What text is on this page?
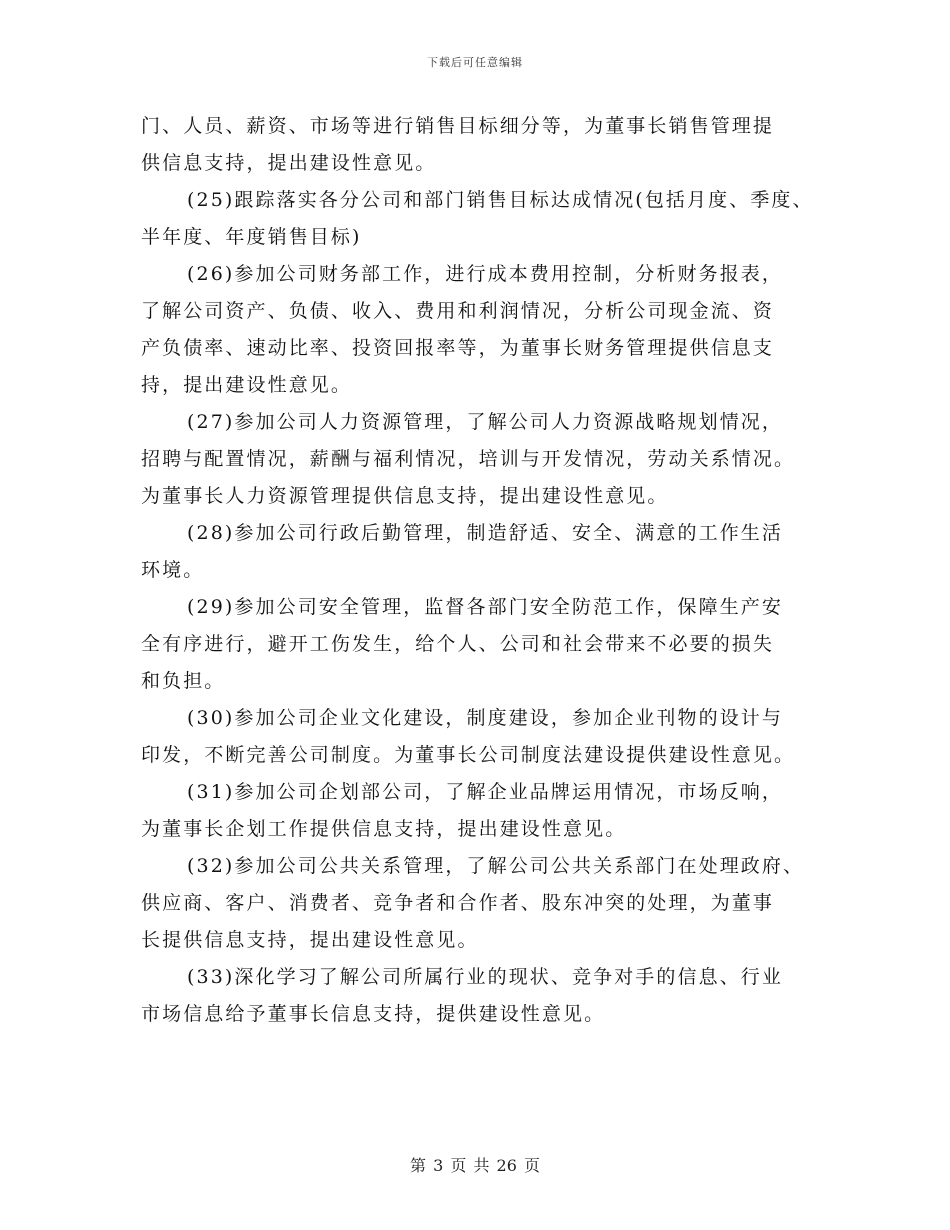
下载后可任意编辑

门、人员、薪资、市场等进行销售目标细分等，为董事长销售管理提
供信息支持，提出建设性意见。

(25)跟踪落实各分公司和部门销售目标达成情况(包括月度、季度、
半年度、年度销售目标)

(26)参加公司财务部工作，进行成本费用控制，分析财务报表，
了解公司资产、负债、收入、费用和利润情况，分析公司现金流、资
产负债率、速动比率、投资回报率等，为董事长财务管理提供信息支
持，提出建设性意见。

(27)参加公司人力资源管理，了解公司人力资源战略规划情况，
招聘与配置情况，薪酬与福利情况，培训与开发情况，劳动关系情况。
为董事长人力资源管理提供信息支持，提出建设性意见。

(28)参加公司行政后勤管理，制造舒适、安全、满意的工作生活
环境。

(29)参加公司安全管理，监督各部门安全防范工作，保障生产安
全有序进行，避开工伤发生，给个人、公司和社会带来不必要的损失
和负担。

(30)参加公司企业文化建设，制度建设，参加企业刊物的设计与
印发，不断完善公司制度。为董事长公司制度法建设提供建设性意见。

(31)参加公司企划部公司，了解企业品牌运用情况，市场反响，
为董事长企划工作提供信息支持，提出建设性意见。

(32)参加公司公共关系管理，了解公司公共关系部门在处理政府、
供应商、客户、消费者、竞争者和合作者、股东冲突的处理，为董事
长提供信息支持，提出建设性意见。

(33)深化学习了解公司所属行业的现状、竞争对手的信息、行业
市场信息给予董事长信息支持，提供建设性意见。

第 3 页 共 26 页
